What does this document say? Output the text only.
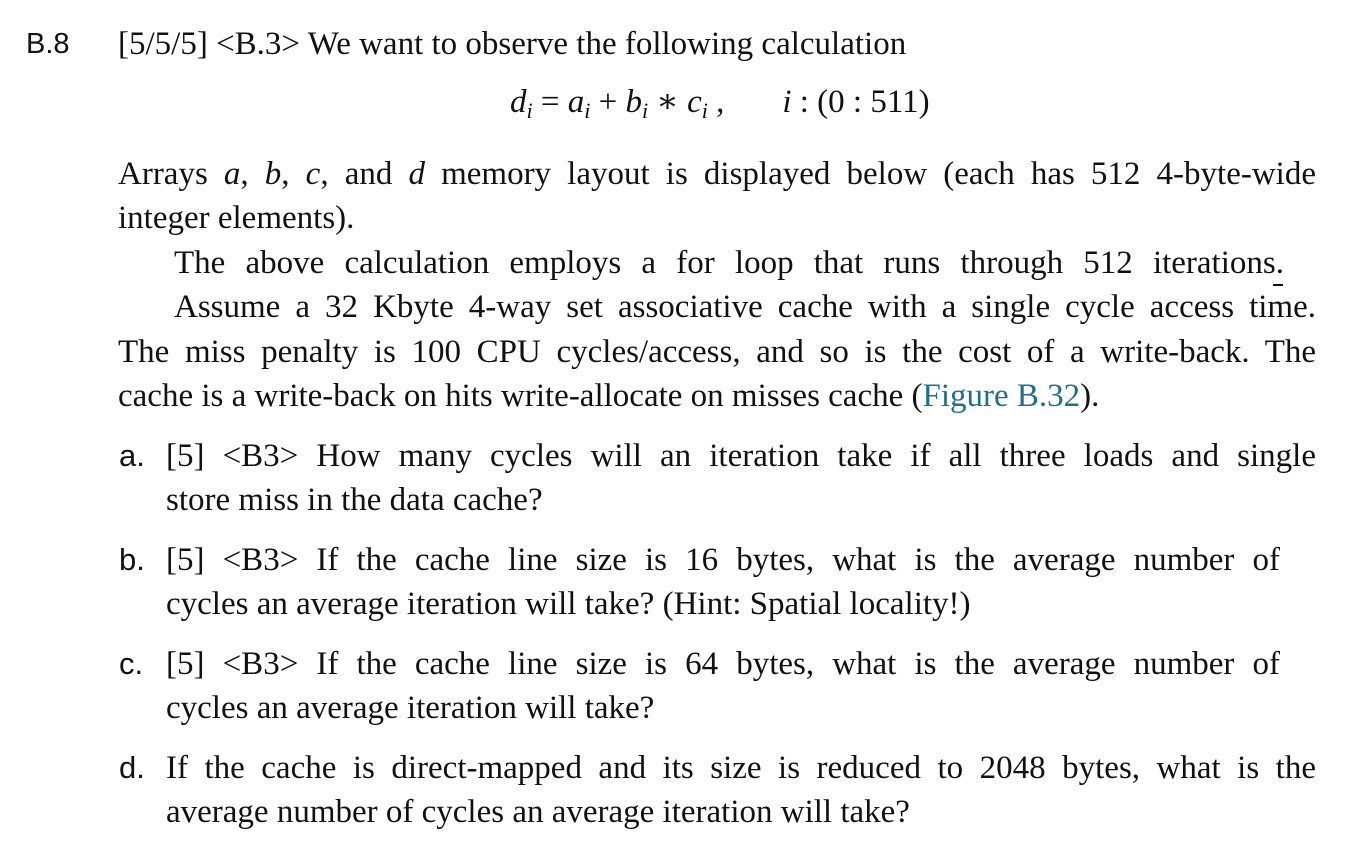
B.8 [5/5/5] <B.3> We want to observe the following calculation
$d_i = a_i + b_i$ ∗ $c_i$ , i : (0 : 511)
Arrays a, b, c, and d memory layout is displayed below (each has 512 4-byte-wide
integer elements).
The above calculation employs a for loop that runs through 512 iterations.
Assume a 32 Kbyte 4-way set associative cache with a single cycle access time.
The miss penalty is 100 CPU cycles/access, and so is the cost of a write-back. The
cache is a write-back on hits write-allocate on misses cache (Figure B.32).
a. [5] <B3> How many cycles will an iteration take if all three loads and single
store miss in the data cache?
b. [5] <B3> If the cache line size is 16 bytes, what is the average number of
cycles an average iteration will take? (Hint: Spatial locality!)
c. [5] <B3> If the cache line size is 64 bytes, what is the average number of
cycles an average iteration will take?
d. If the cache is direct-mapped and its size is reduced to 2048 bytes, what is the
average number of cycles an average iteration will take?
